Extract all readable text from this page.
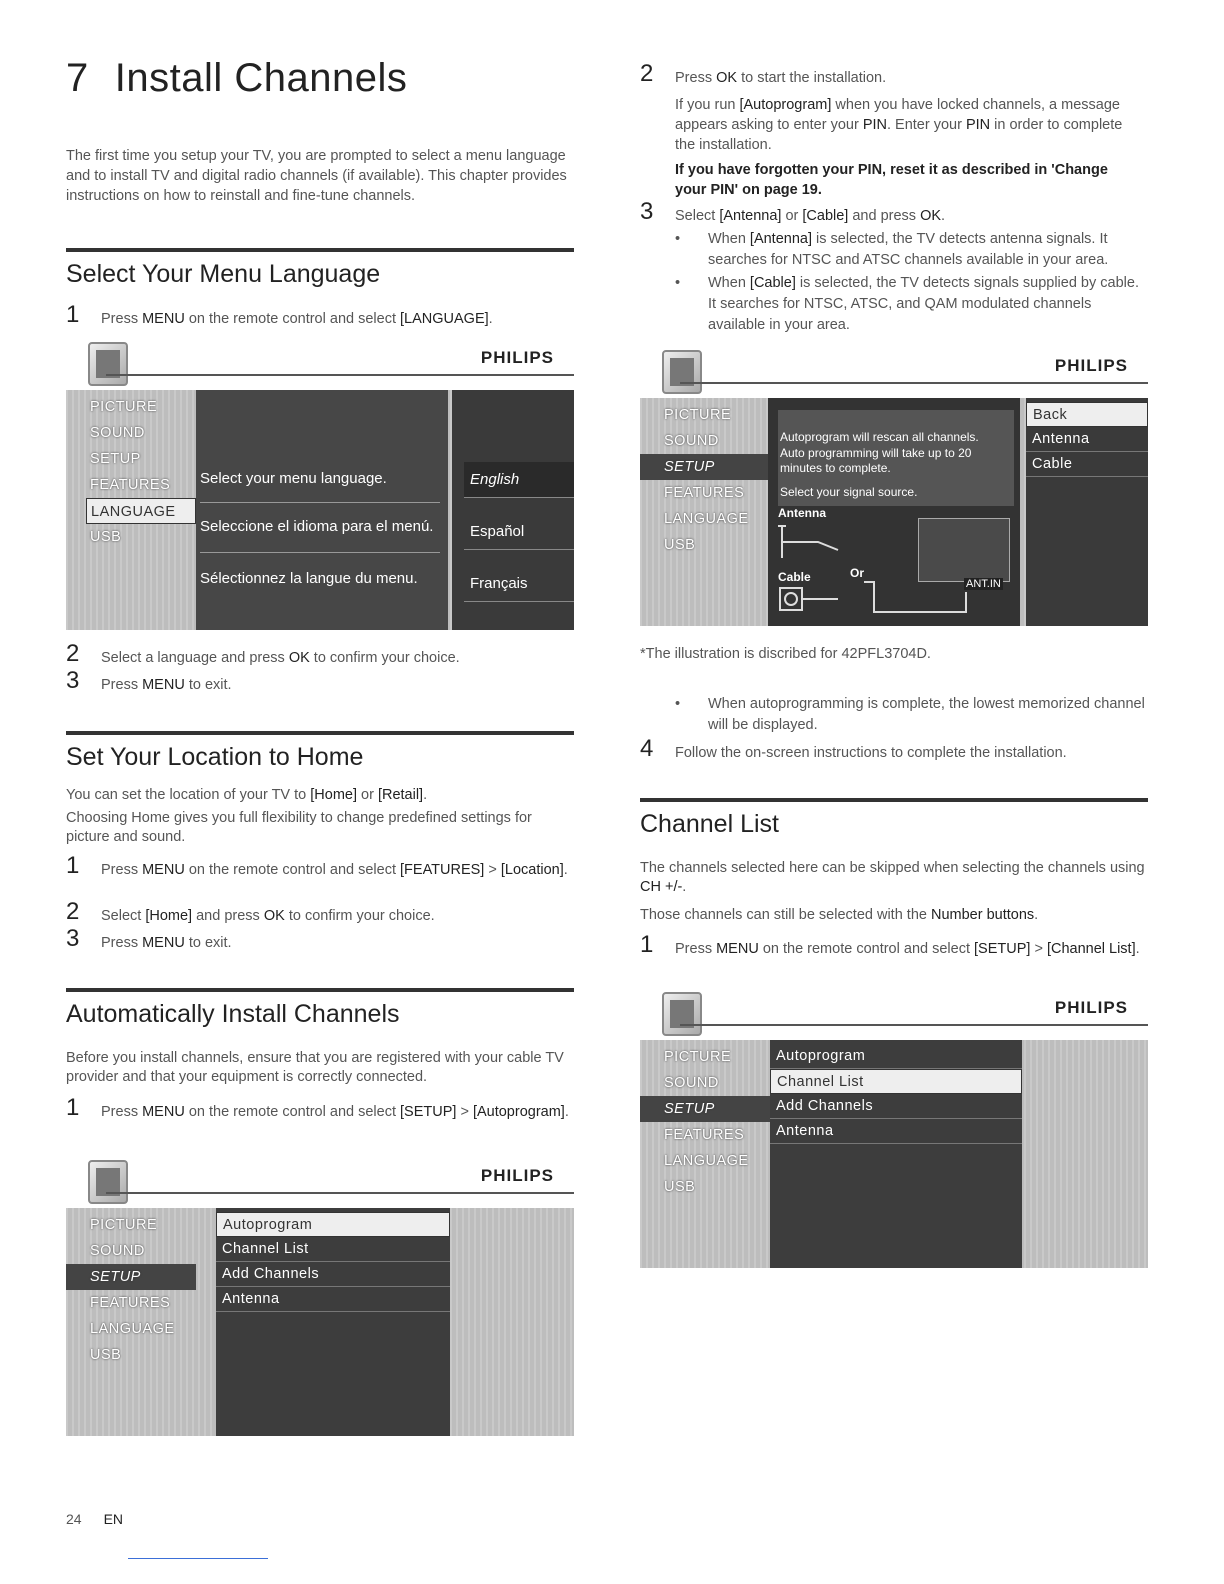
7 Install Channels

The first time you setup your TV, you are prompted to select a menu language and to install TV and digital radio channels (if available). This chapter provides instructions on how to reinstall and fine-tune channels.

Select Your Menu Language
1	Press MENU on the remote control and select [LANGUAGE].
PHILIPS
PICTURE
SOUND
SETUP
FEATURES
LANGUAGE
USB
Select your menu language.
Seleccione el idioma para el menú.
Sélectionnez la langue du menu.
English
Español
Français
2	Select a language and press OK to confirm your choice.
3	Press MENU to exit.
Set Your Location to Home

You can set the location of your TV to [Home] or [Retail].

Choosing Home gives you full flexibility to change predefined settings for picture and sound.

1	Press MENU on the remote control and select [FEATURES] > [Location].
2	Select [Home] and press OK to confirm your choice.
3	Press MENU to exit.
Automatically Install Channels

Before you install channels, ensure that you are registered with your cable TV provider and that your equipment is correctly connected.

1	Press MENU on the remote control and select [SETUP] > [Autoprogram].
PHILIPS
PICTURE
SOUND
SETUP
FEATURES
LANGUAGE
USB
Autoprogram
Channel List
Add Channels
Antenna
2	Press OK to start the installation.

If you run [Autoprogram] when you have locked channels, a message appears asking to enter your PIN. Enter your PIN in order to complete the installation.

If you have forgotten your PIN, reset it as described in 'Change your PIN' on page 19.

3	Select [Antenna] or [Cable] and press OK.
• When [Antenna] is selected, the TV detects antenna signals. It searches for NTSC and ATSC channels available in your area.
• When [Cable] is selected, the TV detects signals supplied by cable. It searches for NTSC, ATSC, and QAM modulated channels available in your area.
PHILIPS
PICTURE
SOUND
SETUP
FEATURES
LANGUAGE
USB
Autoprogram will rescan all channels.
Auto programming will take up to 20 minutes to complete.
Select your signal source.
Antenna
Cable	Or
ANT.IN
Back
Antenna
Cable

*The illustration is discribed for 42PFL3704D.

• When autoprogramming is complete, the lowest memorized channel will be displayed.
4	Follow the on-screen instructions to complete the installation.
Channel List

The channels selected here can be skipped when selecting the channels using CH +/-.

Those channels can still be selected with the Number buttons.

1	Press MENU on the remote control and select [SETUP] > [Channel List].
PHILIPS
PICTURE
SOUND
SETUP
FEATURES
LANGUAGE
USB
Autoprogram
Channel List
Add Channels
Antenna
24 EN
